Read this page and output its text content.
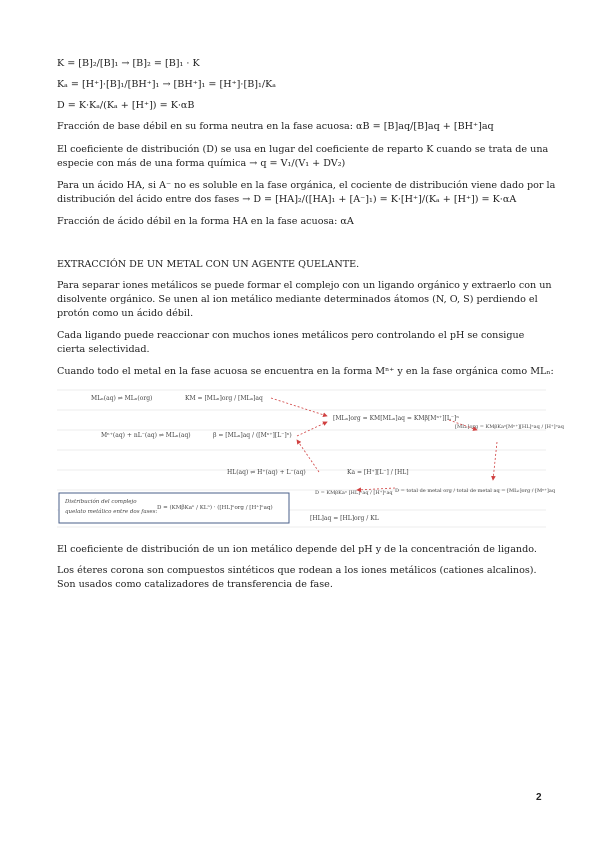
K = [B]₂/[B]₁ → [B]₂ = [B]₁ · K
Kₐ = [H⁺]·[B]₁/[BH⁺]₁ → [BH⁺]₁ = [H⁺]·[B]₁/Kₐ
D = K·Kₐ/(Kₐ + [H⁺]) = K·αB
Fracción de base débil en su forma neutra en la fase acuosa: αB = [B]aq/[B]aq + [BH⁺]aq
El coeficiente de distribución (D) se usa en lugar del coeficiente de reparto K cuando se trata de una
especie con más de una forma química → q = V₁/(V₁ + DV₂)
Para un ácido HA, si A⁻ no es soluble en la fase orgánica, el cociente de distribución viene dado por la
distribución del ácido entre dos fases → D = [HA]₂/([HA]₁ + [A⁻]₁) = K·[H⁺]/(Kₐ + [H⁺]) = K·αA
Fracción de ácido débil en la forma HA en la fase acuosa: αA
EXTRACCIÓN DE UN METAL CON UN AGENTE QUELANTE.
Para separar iones metálicos se puede formar el complejo con un ligando orgánico y extraerlo con un
disolvente orgánico. Se unen al ion metálico mediante determinados átomos (N, O, S) perdiendo el
protón como un ácido débil.
Cada ligando puede reaccionar con muchos iones metálicos pero controlando el pH se consigue
cierta selectividad.
Cuando todo el metal en la fase acuosa se encuentra en la forma Mⁿ⁺ y en la fase orgánica como MLₙ:
MLₙ(aq) ⇌ MLₙ(org)	KM = [MLₙ]org / [MLₙ]aq
Mⁿ⁺(aq) + nL⁻(aq) ⇌ MLₙ(aq)	β = [MLₙ]aq / ([Mⁿ⁺][L⁻]ⁿ)
HL(aq) ⇌ H⁺(aq) + L⁻(aq)	Ka = [H⁺][L⁻] / [HL]
[MLₙ]org = KM[MLₙ]aq = KMβ[Mⁿ⁺][L⁻]ⁿ
[MLₙ]org = KMβKaⁿ[Mⁿ⁺][HL]ⁿaq / [H⁺]ⁿaq
D = total de metal org / total de metal aq = [MLₙ]org / [Mⁿ⁺]aq
D = KMβKaⁿ [HL]ⁿaq / [H⁺]ⁿaq
[HL]aq = [HL]org / KL
Distribución del complejo
quelato metálico entre dos fases:
D = (KMβKaⁿ / KLⁿ) · ([HL]ⁿorg / [H⁺]ⁿaq)
El coeficiente de distribución de un ion metálico depende del pH y de la concentración de ligando.
Los éteres corona son compuestos sintéticos que rodean a los iones metálicos (cationes alcalinos).
Son usados como catalizadores de transferencia de fase.
2
